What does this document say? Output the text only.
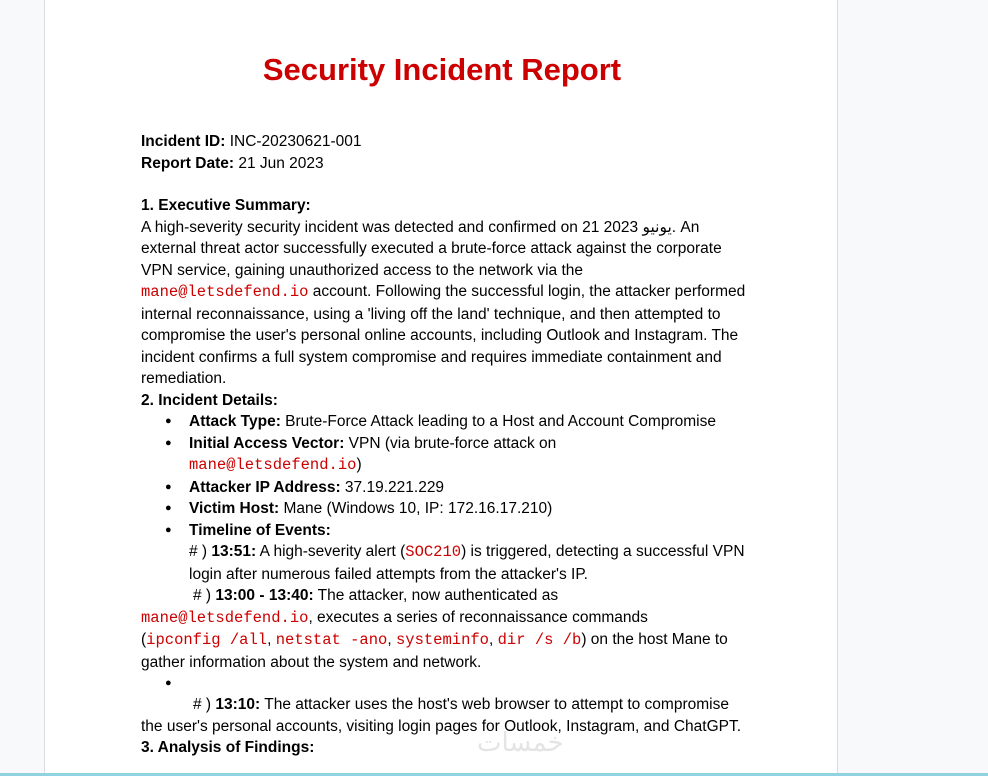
Security Incident Report

Incident ID: INC-20230621-001

Report Date: 21 Jun 2023

1. Executive Summary:

A high-severity security incident was detected and confirmed on 21 يونيو 2023. An external threat actor successfully executed a brute-force attack against the corporate VPN service, gaining unauthorized access to the network via the
mane@letsdefend.io account. Following the successful login, the attacker performed internal reconnaissance, using a 'living off the land' technique, and then attempted to compromise the user's personal online accounts, including Outlook and Instagram. The incident confirms a full system compromise and requires immediate containment and remediation.

2. Incident Details:

● Attack Type: Brute-Force Attack leading to a Host and Account Compromise
● Initial Access Vector: VPN (via brute-force attack on
mane@letsdefend.io)
● Attacker IP Address: 37.19.221.229
● Victim Host: Mane (Windows 10, IP: 172.16.17.210)
● Timeline of Events:

# ) 13:51: A high-severity alert (SOC210) is triggered, detecting a successful VPN login after numerous failed attempts from the attacker's IP.

# ) 13:00 - 13:40: The attacker, now authenticated as
mane@letsdefend.io, executes a series of reconnaissance commands
(ipconfig /all, netstat -ano, systeminfo, dir /s /b) on the host Mane to gather information about the system and network.

●

# ) 13:10: The attacker uses the host's web browser to attempt to compromise the user's personal accounts, visiting login pages for Outlook, Instagram, and ChatGPT.

3. Analysis of Findings:	خمسات
